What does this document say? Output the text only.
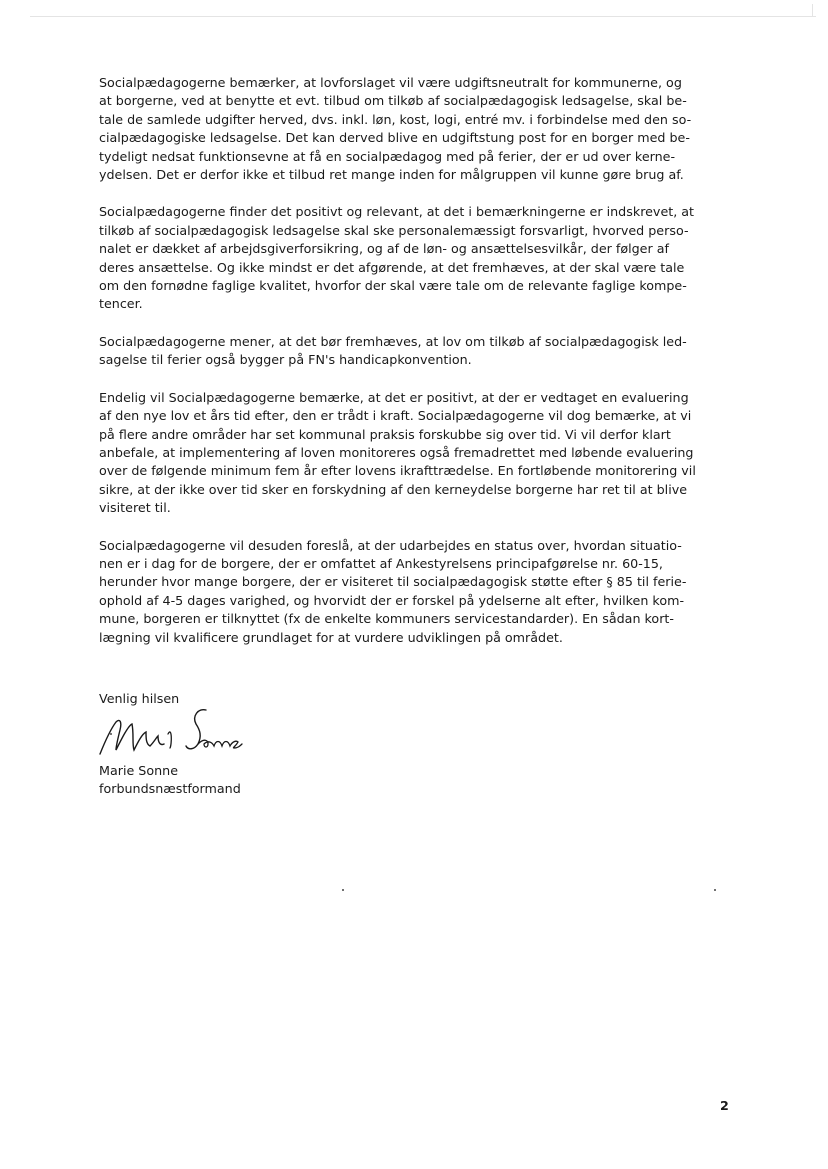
Socialpædagogerne bemærker, at lovforslaget vil være udgiftsneutralt for kommunerne, og
at borgerne, ved at benytte et evt. tilbud om tilkøb af socialpædagogisk ledsagelse, skal be-
tale de samlede udgifter herved, dvs. inkl. løn, kost, logi, entré mv. i forbindelse med den so-
cialpædagogiske ledsagelse. Det kan derved blive en udgiftstung post for en borger med be-
tydeligt nedsat funktionsevne at få en socialpædagog med på ferier, der er ud over kerne-
ydelsen. Det er derfor ikke et tilbud ret mange inden for målgruppen vil kunne gøre brug af.

Socialpædagogerne finder det positivt og relevant, at det i bemærkningerne er indskrevet, at
tilkøb af socialpædagogisk ledsagelse skal ske personalemæssigt forsvarligt, hvorved perso-
nalet er dækket af arbejdsgiverforsikring, og af de løn- og ansættelsesvilkår, der følger af
deres ansættelse. Og ikke mindst er det afgørende, at det fremhæves, at der skal være tale
om den fornødne faglige kvalitet, hvorfor der skal være tale om de relevante faglige kompe-
tencer.

Socialpædagogerne mener, at det bør fremhæves, at lov om tilkøb af socialpædagogisk led-
sagelse til ferier også bygger på FN's handicapkonvention.

Endelig vil Socialpædagogerne bemærke, at det er positivt, at der er vedtaget en evaluering
af den nye lov et års tid efter, den er trådt i kraft. Socialpædagogerne vil dog bemærke, at vi
på flere andre områder har set kommunal praksis forskubbe sig over tid. Vi vil derfor klart
anbefale, at implementering af loven monitoreres også fremadrettet med løbende evaluering
over de følgende minimum fem år efter lovens ikrafttrædelse. En fortløbende monitorering vil
sikre, at der ikke over tid sker en forskydning af den kerneydelse borgerne har ret til at blive
visiteret til.

Socialpædagogerne vil desuden foreslå, at der udarbejdes en status over, hvordan situatio-
nen er i dag for de borgere, der er omfattet af Ankestyrelsens principafgørelse nr. 60-15,
herunder hvor mange borgere, der er visiteret til socialpædagogisk støtte efter § 85 til ferie-
ophold af 4-5 dages varighed, og hvorvidt der er forskel på ydelserne alt efter, hvilken kom-
mune, borgeren er tilknyttet (fx de enkelte kommuners servicestandarder). En sådan kort-
lægning vil kvalificere grundlaget for at vurdere udviklingen på området.

Venlig hilsen
Marie Sonne
forbundsnæstformand
2
